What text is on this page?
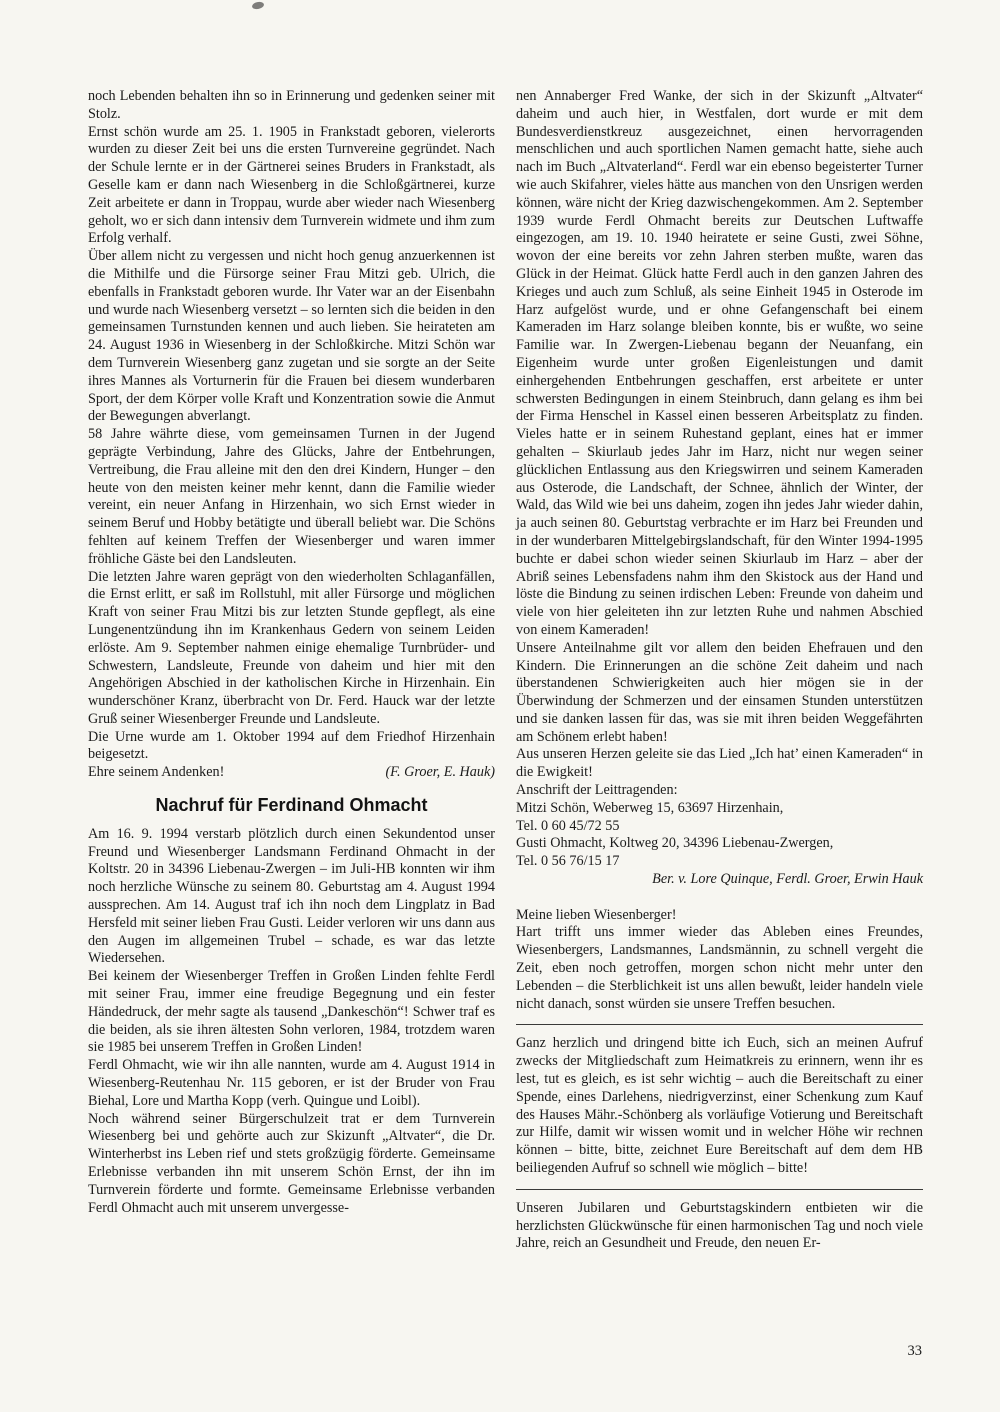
noch Lebenden behalten ihn so in Erinnerung und gedenken seiner mit Stolz.

Ernst schön wurde am 25. 1. 1905 in Frankstadt geboren, vielerorts wurden zu dieser Zeit bei uns die ersten Turnvereine gegründet. Nach der Schule lernte er in der Gärtnerei seines Bruders in Frankstadt, als Geselle kam er dann nach Wiesenberg in die Schloßgärtnerei, kurze Zeit arbeitete er dann in Troppau, wurde aber wieder nach Wiesenberg geholt, wo er sich dann intensiv dem Turnverein widmete und ihm zum Erfolg verhalf.

Über allem nicht zu vergessen und nicht hoch genug anzuerkennen ist die Mithilfe und die Fürsorge seiner Frau Mitzi geb. Ulrich, die ebenfalls in Frankstadt geboren wurde. Ihr Vater war an der Eisenbahn und wurde nach Wiesenberg versetzt – so lernten sich die beiden in den gemeinsamen Turnstunden kennen und auch lieben. Sie heirateten am 24. August 1936 in Wiesenberg in der Schloßkirche. Mitzi Schön war dem Turnverein Wiesenberg ganz zugetan und sie sorgte an der Seite ihres Mannes als Vorturnerin für die Frauen bei diesem wunderbaren Sport, der dem Körper volle Kraft und Konzentration sowie die Anmut der Bewegungen abverlangt.

58 Jahre währte diese, vom gemeinsamen Turnen in der Jugend geprägte Verbindung, Jahre des Glücks, Jahre der Entbehrungen, Vertreibung, die Frau alleine mit den den drei Kindern, Hunger – den heute von den meisten keiner mehr kennt, dann die Familie wieder vereint, ein neuer Anfang in Hirzenhain, wo sich Ernst wieder in seinem Beruf und Hobby betätigte und überall beliebt war. Die Schöns fehlten auf keinem Treffen der Wiesenberger und waren immer fröhliche Gäste bei den Landsleuten.

Die letzten Jahre waren geprägt von den wiederholten Schlaganfällen, die Ernst erlitt, er saß im Rollstuhl, mit aller Fürsorge und möglichen Kraft von seiner Frau Mitzi bis zur letzten Stunde gepflegt, als eine Lungenentzündung ihn im Krankenhaus Gedern von seinem Leiden erlöste. Am 9. September nahmen einige ehemalige Turnbrüder- und Schwestern, Landsleute, Freunde von daheim und hier mit den Angehörigen Abschied in der katholischen Kirche in Hirzenhain. Ein wunderschöner Kranz, überbracht von Dr. Ferd. Hauck war der letzte Gruß seiner Wiesenberger Freunde und Landsleute.

Die Urne wurde am 1. Oktober 1994 auf dem Friedhof Hirzenhain beigesetzt.

Ehre seinem Andenken!	(F. Groer, E. Hauk)
Nachruf für Ferdinand Ohmacht

Am 16. 9. 1994 verstarb plötzlich durch einen Sekundentod unser Freund und Wiesenberger Landsmann Ferdinand Ohmacht in der Koltstr. 20 in 34396 Liebenau-Zwergen – im Juli-HB konnten wir ihm noch herzliche Wünsche zu seinem 80. Geburtstag am 4. August 1994 aussprechen. Am 14. August traf ich ihn noch dem Lingplatz in Bad Hersfeld mit seiner lieben Frau Gusti. Leider verloren wir uns dann aus den Augen im allgemeinen Trubel – schade, es war das letzte Wiedersehen.

Bei keinem der Wiesenberger Treffen in Großen Linden fehlte Ferdl mit seiner Frau, immer eine freudige Begegnung und ein fester Händedruck, der mehr sagte als tausend „Dankeschön“! Schwer traf es die beiden, als sie ihren ältesten Sohn verloren, 1984, trotzdem waren sie 1985 bei unserem Treffen in Großen Linden!

Ferdl Ohmacht, wie wir ihn alle nannten, wurde am 4. August 1914 in Wiesenberg-Reutenhau Nr. 115 geboren, er ist der Bruder von Frau Biehal, Lore und Martha Kopp (verh. Quingue und Loibl).

Noch während seiner Bürgerschulzeit trat er dem Turnverein Wiesenberg bei und gehörte auch zur Skizunft „Altvater“, die Dr. Winterherbst ins Leben rief und stets großzügig förderte. Gemeinsame Erlebnisse verbanden ihn mit unserem Schön Ernst, der ihn im Turnverein förderte und formte. Gemeinsame Erlebnisse verbanden Ferdl Ohmacht auch mit unserem unvergesse-

nen Annaberger Fred Wanke, der sich in der Skizunft „Altvater“ daheim und auch hier, in Westfalen, dort wurde er mit dem Bundesverdienstkreuz ausgezeichnet, einen hervorragenden menschlichen und auch sportlichen Namen gemacht hatte, siehe auch nach im Buch „Altvaterland“. Ferdl war ein ebenso begeisterter Turner wie auch Skifahrer, vieles hätte aus manchen von den Unsrigen werden können, wäre nicht der Krieg dazwischengekommen. Am 2. September 1939 wurde Ferdl Ohmacht bereits zur Deutschen Luftwaffe eingezogen, am 19. 10. 1940 heiratete er seine Gusti, zwei Söhne, wovon der eine bereits vor zehn Jahren sterben mußte, waren das Glück in der Heimat. Glück hatte Ferdl auch in den ganzen Jahren des Krieges und auch zum Schluß, als seine Einheit 1945 in Osterode im Harz aufgelöst wurde, und er ohne Gefangenschaft bei einem Kameraden im Harz solange bleiben konnte, bis er wußte, wo seine Familie war. In Zwergen-Liebenau begann der Neuanfang, ein Eigenheim wurde unter großen Eigenleistungen und damit einhergehenden Entbehrungen geschaffen, erst arbeitete er unter schwersten Bedingungen in einem Steinbruch, dann gelang es ihm bei der Firma Henschel in Kassel einen besseren Arbeitsplatz zu finden. Vieles hatte er in seinem Ruhestand geplant, eines hat er immer gehalten – Skiurlaub jedes Jahr im Harz, nicht nur wegen seiner glücklichen Entlassung aus den Kriegswirren und seinem Kameraden aus Osterode, die Landschaft, der Schnee, ähnlich der Winter, der Wald, das Wild wie bei uns daheim, zogen ihn jedes Jahr wieder dahin, ja auch seinen 80. Geburtstag verbrachte er im Harz bei Freunden und in der wunderbaren Mittelgebirgslandschaft, für den Winter 1994-1995 buchte er dabei schon wieder seinen Skiurlaub im Harz – aber der Abriß seines Lebensfadens nahm ihm den Skistock aus der Hand und löste die Bindung zu seinen irdischen Leben: Freunde von daheim und viele von hier geleiteten ihn zur letzten Ruhe und nahmen Abschied von einem Kameraden!

Unsere Anteilnahme gilt vor allem den beiden Ehefrauen und den Kindern. Die Erinnerungen an die schöne Zeit daheim und nach überstandenen Schwierigkeiten auch hier mögen sie in der Überwindung der Schmerzen und der einsamen Stunden unterstützen und sie danken lassen für das, was sie mit ihren beiden Weggefährten am Schönem erlebt haben!

Aus unseren Herzen geleite sie das Lied „Ich hat’ einen Kameraden“ in die Ewigkeit!

Anschrift der Leittragenden:

Mitzi Schön, Weberweg 15, 63697 Hirzenhain,

Tel. 0 60 45/72 55

Gusti Ohmacht, Koltweg 20, 34396 Liebenau-Zwergen,

Tel. 0 56 76/15 17

Ber. v. Lore Quinque, Ferdl. Groer, Erwin Hauk

Meine lieben Wiesenberger!

Hart trifft uns immer wieder das Ableben eines Freundes, Wiesenbergers, Landsmannes, Landsmännin, zu schnell vergeht die Zeit, eben noch getroffen, morgen schon nicht mehr unter den Lebenden – die Sterblichkeit ist uns allen bewußt, leider handeln viele nicht danach, sonst würden sie unsere Treffen besuchen.

Ganz herzlich und dringend bitte ich Euch, sich an meinen Aufruf zwecks der Mitgliedschaft zum Heimatkreis zu erinnern, wenn ihr es lest, tut es gleich, es ist sehr wichtig – auch die Bereitschaft zu einer Spende, eines Darlehens, niedrigverzinst, einer Schenkung zum Kauf des Hauses Mähr.-Schönberg als vorläufige Votierung und Bereitschaft zur Hilfe, damit wir wissen womit und in welcher Höhe wir rechnen können – bitte, bitte, zeichnet Eure Bereitschaft auf dem dem HB beiliegenden Aufruf so schnell wie möglich – bitte!

Unseren Jubilaren und Geburtstagskindern entbieten wir die herzlichsten Glückwünsche für einen harmonischen Tag und noch viele Jahre, reich an Gesundheit und Freude, den neuen Er-

33
